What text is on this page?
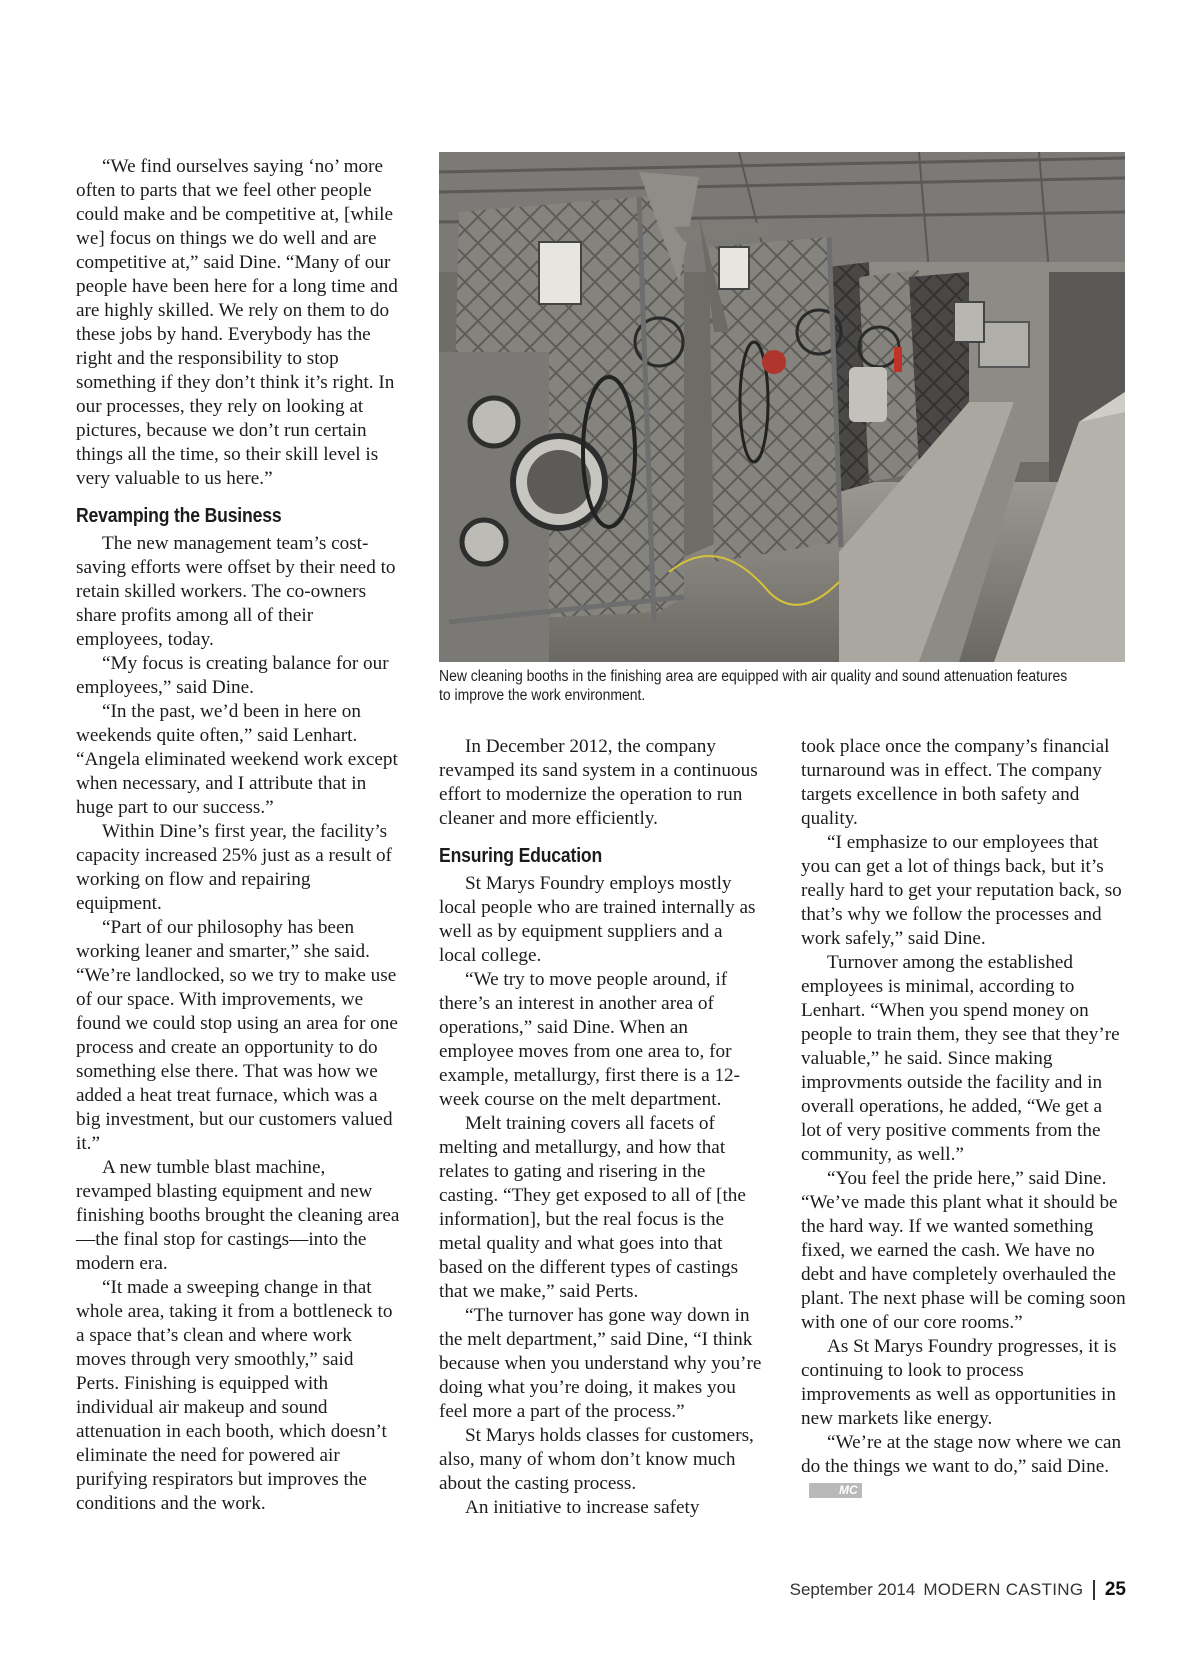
“We find ourselves saying ‘no’ more often to parts that we feel other people could make and be competitive at, [while we] focus on things we do well and are competitive at,” said Dine. “Many of our people have been here for a long time and are highly skilled. We rely on them to do these jobs by hand. Everybody has the right and the responsibility to stop something if they don’t think it’s right. In our processes, they rely on looking at pictures, because we don’t run certain things all the time, so their skill level is very valuable to us here.”

Revamping the Business

The new management team’s cost-saving efforts were offset by their need to retain skilled workers. The co-owners share profits among all of their employees, today.

“My focus is creating balance for our employees,” said Dine.

“In the past, we’d been in here on weekends quite often,” said Lenhart. “Angela eliminated weekend work except when necessary, and I attribute that in huge part to our success.”

Within Dine’s first year, the facility’s capacity increased 25% just as a result of working on flow and repairing equipment.

“Part of our philosophy has been working leaner and smarter,” she said. “We’re landlocked, so we try to make use of our space. With improvements, we found we could stop using an area for one process and create an opportunity to do something else there. That was how we added a heat treat furnace, which was a big investment, but our customers valued it.”

A new tumble blast machine, revamped blasting equipment and new finishing booths brought the cleaning area—the final stop for castings—into the modern era.

“It made a sweeping change in that whole area, taking it from a bottleneck to a space that’s clean and where work moves through very smoothly,” said Perts. Finishing is equipped with individual air makeup and sound attenuation in each booth, which doesn’t eliminate the need for powered air purifying respirators but improves the conditions and the work.

New cleaning booths in the finishing area are equipped with air quality and sound attenuation features to improve the work environment.

In December 2012, the company revamped its sand system in a continuous effort to modernize the operation to run cleaner and more efficiently.

Ensuring Education

St Marys Foundry employs mostly local people who are trained internally as well as by equipment suppliers and a local college.

“We try to move people around, if there’s an interest in another area of operations,” said Dine. When an employee moves from one area to, for example, metallurgy, first there is a 12-week course on the melt department.

Melt training covers all facets of melting and metallurgy, and how that relates to gating and risering in the casting. “They get exposed to all of [the information], but the real focus is the metal quality and what goes into that based on the different types of castings that we make,” said Perts.

“The turnover has gone way down in the melt department,” said Dine, “I think because when you understand why you’re doing what you’re doing, it makes you feel more a part of the process.”

St Marys holds classes for customers, also, many of whom don’t know much about the casting process.

An initiative to increase safety

took place once the company’s financial turnaround was in effect. The company targets excellence in both safety and quality.

“I emphasize to our employees that you can get a lot of things back, but it’s really hard to get your reputation back, so that’s why we follow the processes and work safely,” said Dine.

Turnover among the established employees is minimal, according to Lenhart. “When you spend money on people to train them, they see that they’re valuable,” he said. Since making improvments outside the facility and in overall operations, he added, “We get a lot of very positive comments from the community, as well.”

“You feel the pride here,” said Dine. “We’ve made this plant what it should be the hard way. If we wanted something fixed, we earned the cash. We have no debt and have completely overhauled the plant. The next phase will be coming soon with one of our core rooms.”

As St Marys Foundry progresses, it is continuing to look to process improvements as well as opportunities in new markets like energy.

“We’re at the stage now where we can do the things we want to do,” said Dine.MC

September 2014 MODERN CASTING 25
